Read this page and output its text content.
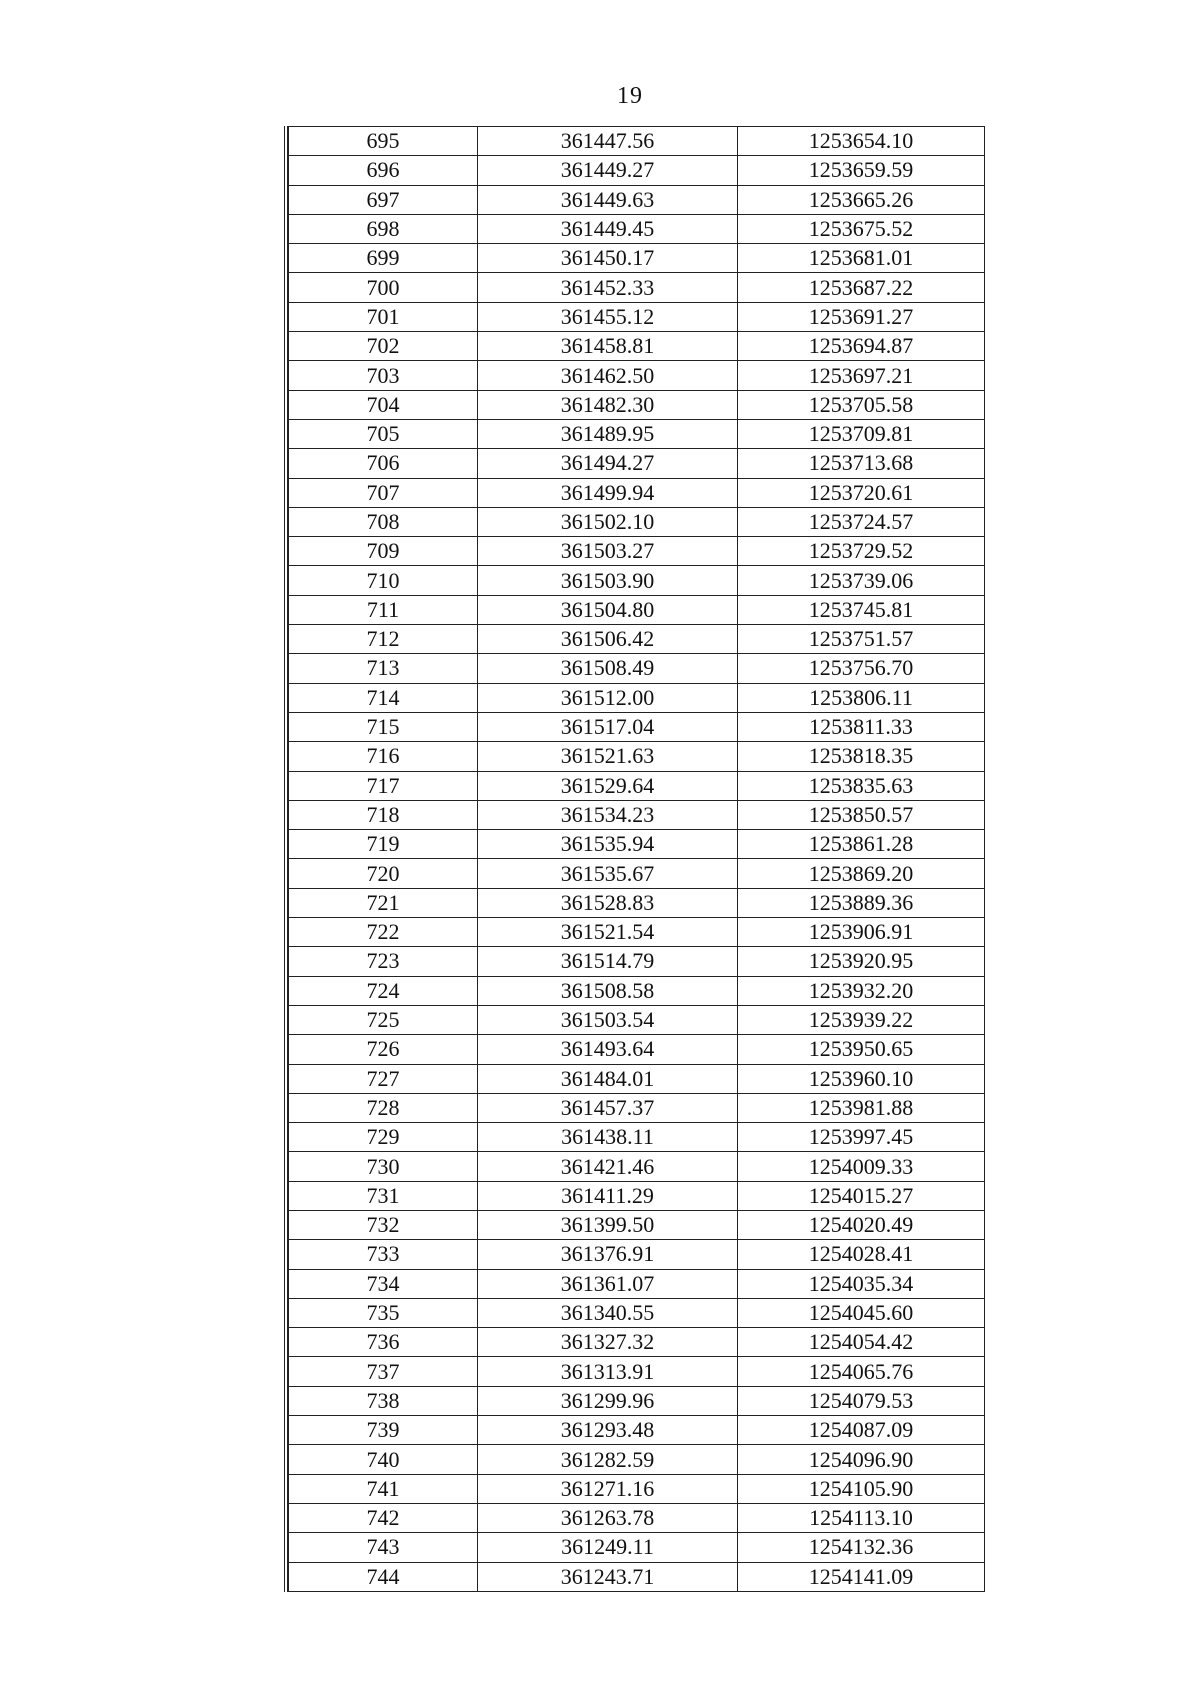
19
695	361447.56	1253654.10
696	361449.27	1253659.59
697	361449.63	1253665.26
698	361449.45	1253675.52
699	361450.17	1253681.01
700	361452.33	1253687.22
701	361455.12	1253691.27
702	361458.81	1253694.87
703	361462.50	1253697.21
704	361482.30	1253705.58
705	361489.95	1253709.81
706	361494.27	1253713.68
707	361499.94	1253720.61
708	361502.10	1253724.57
709	361503.27	1253729.52
710	361503.90	1253739.06
711	361504.80	1253745.81
712	361506.42	1253751.57
713	361508.49	1253756.70
714	361512.00	1253806.11
715	361517.04	1253811.33
716	361521.63	1253818.35
717	361529.64	1253835.63
718	361534.23	1253850.57
719	361535.94	1253861.28
720	361535.67	1253869.20
721	361528.83	1253889.36
722	361521.54	1253906.91
723	361514.79	1253920.95
724	361508.58	1253932.20
725	361503.54	1253939.22
726	361493.64	1253950.65
727	361484.01	1253960.10
728	361457.37	1253981.88
729	361438.11	1253997.45
730	361421.46	1254009.33
731	361411.29	1254015.27
732	361399.50	1254020.49
733	361376.91	1254028.41
734	361361.07	1254035.34
735	361340.55	1254045.60
736	361327.32	1254054.42
737	361313.91	1254065.76
738	361299.96	1254079.53
739	361293.48	1254087.09
740	361282.59	1254096.90
741	361271.16	1254105.90
742	361263.78	1254113.10
743	361249.11	1254132.36
744	361243.71	1254141.09
